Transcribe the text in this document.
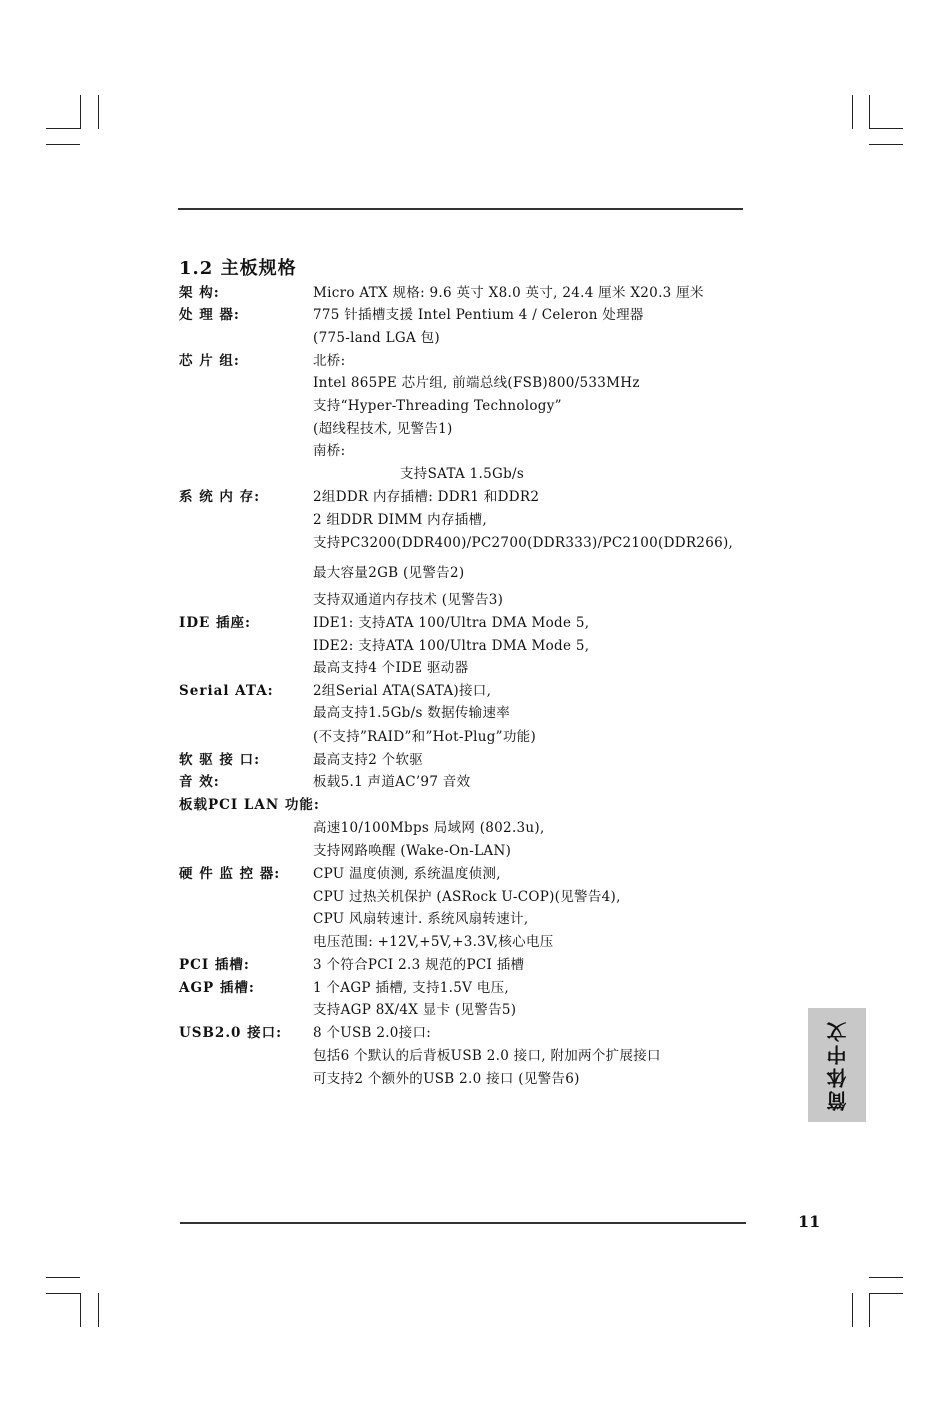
1.2 主板规格
架 构:	Micro ATX 规格: 9.6 英寸 X8.0 英寸, 24.4 厘米 X20.3 厘米
处 理 器:	775 针插槽支援 Intel Pentium 4 / Celeron 处理器
(775-land LGA 包)
芯 片 组:	北桥:
Intel 865PE 芯片组, 前端总线(FSB)800/533MHz
支持“Hyper-Threading Technology”
(超线程技术, 见警告1)
南桥:
支持SATA 1.5Gb/s
系 统 内 存:	2组DDR 内存插槽: DDR1 和DDR2
2 组DDR DIMM 内存插槽,
支持PC3200(DDR400)/PC2700(DDR333)/PC2100(DDR266),
最大容量2GB (见警告2)
支持双通道内存技术 (见警告3)
IDE 插座:	IDE1: 支持ATA 100/Ultra DMA Mode 5,
IDE2: 支持ATA 100/Ultra DMA Mode 5,
最高支持4 个IDE 驱动器
Serial ATA:	2组Serial ATA(SATA)接口,
最高支持1.5Gb/s 数据传输速率
(不支持”RAID”和”Hot-Plug”功能)
软 驱 接 口:	最高支持2 个软驱
音 效:	板载5.1 声道AC’97 音效
板载PCI LAN 功能:
高速10/100Mbps 局域网 (802.3u),
支持网路唤醒 (Wake-On-LAN)
硬 件 监 控 器: CPU 温度侦测, 系统温度侦测,
CPU 过热关机保护 (ASRock U-COP)(见警告4),
CPU 风扇转速计. 系统风扇转速计,
电压范围: +12V,+5V,+3.3V,核心电压
PCI 插槽:	3 个符合PCI 2.3 规范的PCI 插槽
AGP 插槽:	1 个AGP 插槽, 支持1.5V 电压,
支持AGP 8X/4X 显卡 (见警告5)
USB2.0 接口: 8 个USB 2.0接口:
包括6 个默认的后背板USB 2.0 接口, 附加两个扩展接口
可支持2 个额外的USB 2.0 接口 (见警告6)	简体中文
11
